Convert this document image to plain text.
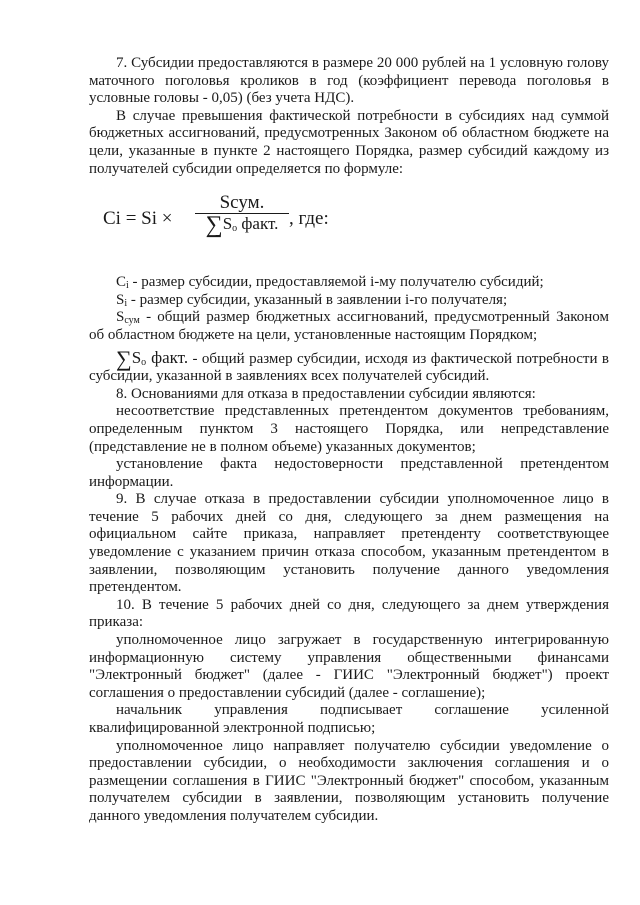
7. Субсидии предоставляются в размере 20 000 рублей на 1 условную голову маточного поголовья кроликов в год (коэффициент перевода поголовья в условные головы - 0,05) (без учета НДС).

В случае превышения фактической потребности в субсидиях над суммой бюджетных ассигнований, предусмотренных Законом об областном бюджете на цели, указанные в пункте 2 настоящего Порядка, размер субсидий каждому из получателей субсидии определяется по формуле:

Ci = Si ×
Sсум.
$\sum S_o$ факт. , где:

$C_i$ - размер субсидии, предоставляемой i-му получателю субсидий;

$S_i$ - размер субсидии, указанный в заявлении i-го получателя;

$S_{сум}$ - общий размер бюджетных ассигнований, предусмотренный Законом об областном бюджете на цели, установленные настоящим Порядком;

$\sum S_o$ факт. - общий размер субсидии, исходя из фактической потребности в субсидии, указанной в заявлениях всех получателей субсидий.

8. Основаниями для отказа в предоставлении субсидии являются:

несоответствие представленных претендентом документов требованиям, определенным пунктом 3 настоящего Порядка, или непредставление (представление не в полном объеме) указанных документов;

установление факта недостоверности представленной претендентом информации.

9. В случае отказа в предоставлении субсидии уполномоченное лицо в течение 5 рабочих дней со дня, следующего за днем размещения на официальном сайте приказа, направляет претенденту соответствующее уведомление с указанием причин отказа способом, указанным претендентом в заявлении, позволяющим установить получение данного уведомления претендентом.

10. В течение 5 рабочих дней со дня, следующего за днем утверждения приказа:

уполномоченное лицо загружает в государственную интегрированную информационную систему управления общественными финансами "Электронный бюджет" (далее - ГИИС "Электронный бюджет") проект соглашения о предоставлении субсидий (далее - соглашение);

начальник управления подписывает соглашение усиленной квалифицированной электронной подписью;

уполномоченное лицо направляет получателю субсидии уведомление о предоставлении субсидии, о необходимости заключения соглашения и о размещении соглашения в ГИИС "Электронный бюджет" способом, указанным получателем субсидии в заявлении, позволяющим установить получение данного уведомления получателем субсидии.
